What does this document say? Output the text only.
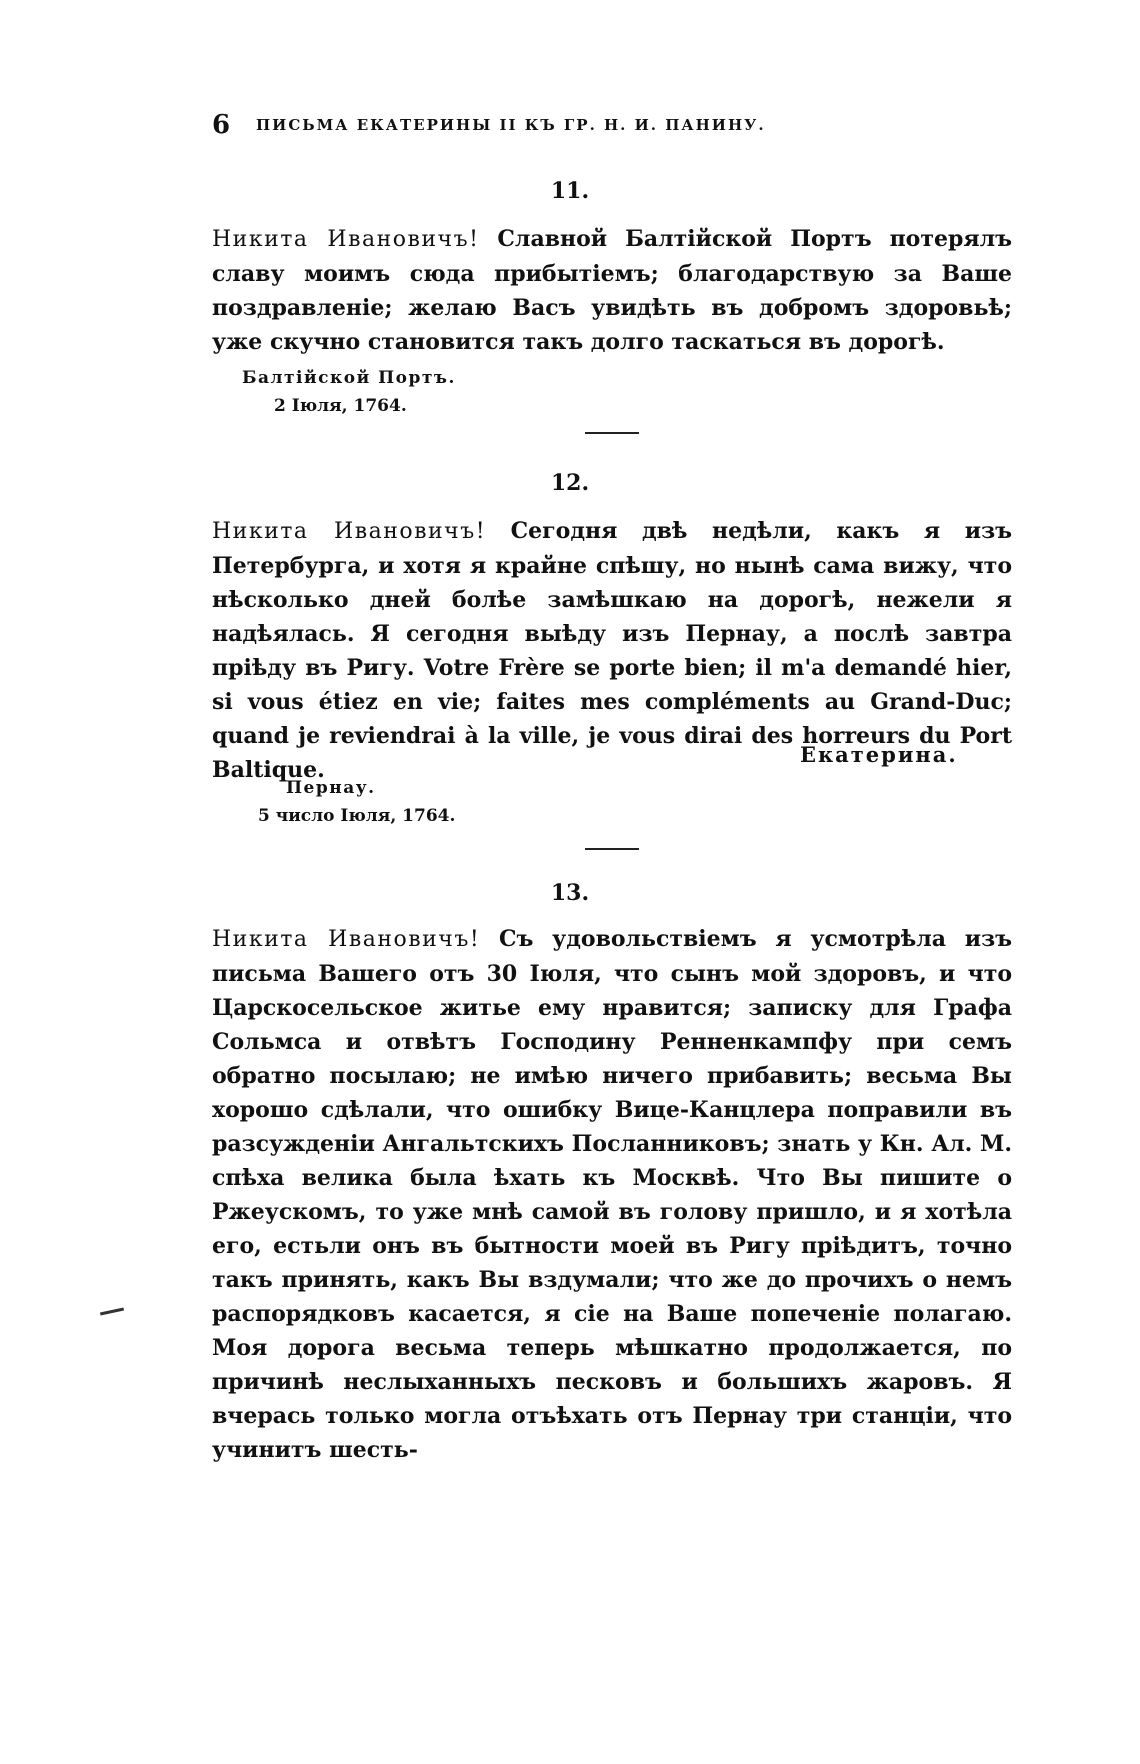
6 ПИСЬМА ЕКАТЕРИНЫ II КЪ ГР. Н. И. ПАНИНУ.
11.

Никита Ивановичъ! Славной Балтійской Портъ потерялъ славу моимъ сюда прибытіемъ; благодарствую за Ваше поздравленіе; желаю Васъ увидѣть въ добромъ здоровьѣ; уже скучно становится такъ долго таскаться въ дорогѣ.

Балтійской Портъ.
2 Іюля, 1764.
12.

Никита Ивановичъ! Сегодня двѣ недѣли, какъ я изъ Петербурга, и хотя я крайне спѣшу, но нынѣ сама вижу, что нѣсколько дней болѣе замѣшкаю на дорогѣ, нежели я надѣялась. Я сегодня выѣду изъ Пернау, а послѣ завтра пріѣду въ Ригу. Votre Frère se porte bien; il m'a demandé hier, si vous étiez en vie; faites mes compléments au Grand-Duc; quand je reviendrai à la ville, je vous dirai des horreurs du Port Baltique.

Екатерина.
Пернау.
5 число Іюля, 1764.
13.

Никита Ивановичъ! Съ удовольствіемъ я усмотрѣла изъ письма Вашего отъ 30 Іюля, что сынъ мой здоровъ, и что Царскосельское житье ему нравится; записку для Графа Сольмса и отвѣтъ Господину Ренненкампфу при семъ обратно посылаю; не имѣю ничего прибавить; весьма Вы хорошо сдѣлали, что ошибку Вице-Канцлера поправили въ разсужденіи Ангальтскихъ Посланниковъ; знать у Кн. Ал. М. спѣха велика была ѣхать къ Москвѣ. Что Вы пишите о Ржеускомъ, то уже мнѣ самой въ голову пришло, и я хотѣла его, естьли онъ въ бытности моей въ Ригу пріѣдитъ, точно такъ принять, какъ Вы вздумали; что же до прочихъ о немъ распорядковъ касается, я сіе на Ваше попеченіе полагаю. Моя дорога весьма теперь мѣшкатно продолжается, по причинѣ неслыханныхъ песковъ и большихъ жаровъ. Я вчерась только могла отъѣхать отъ Пернау три станціи, что учинитъ шесть-
